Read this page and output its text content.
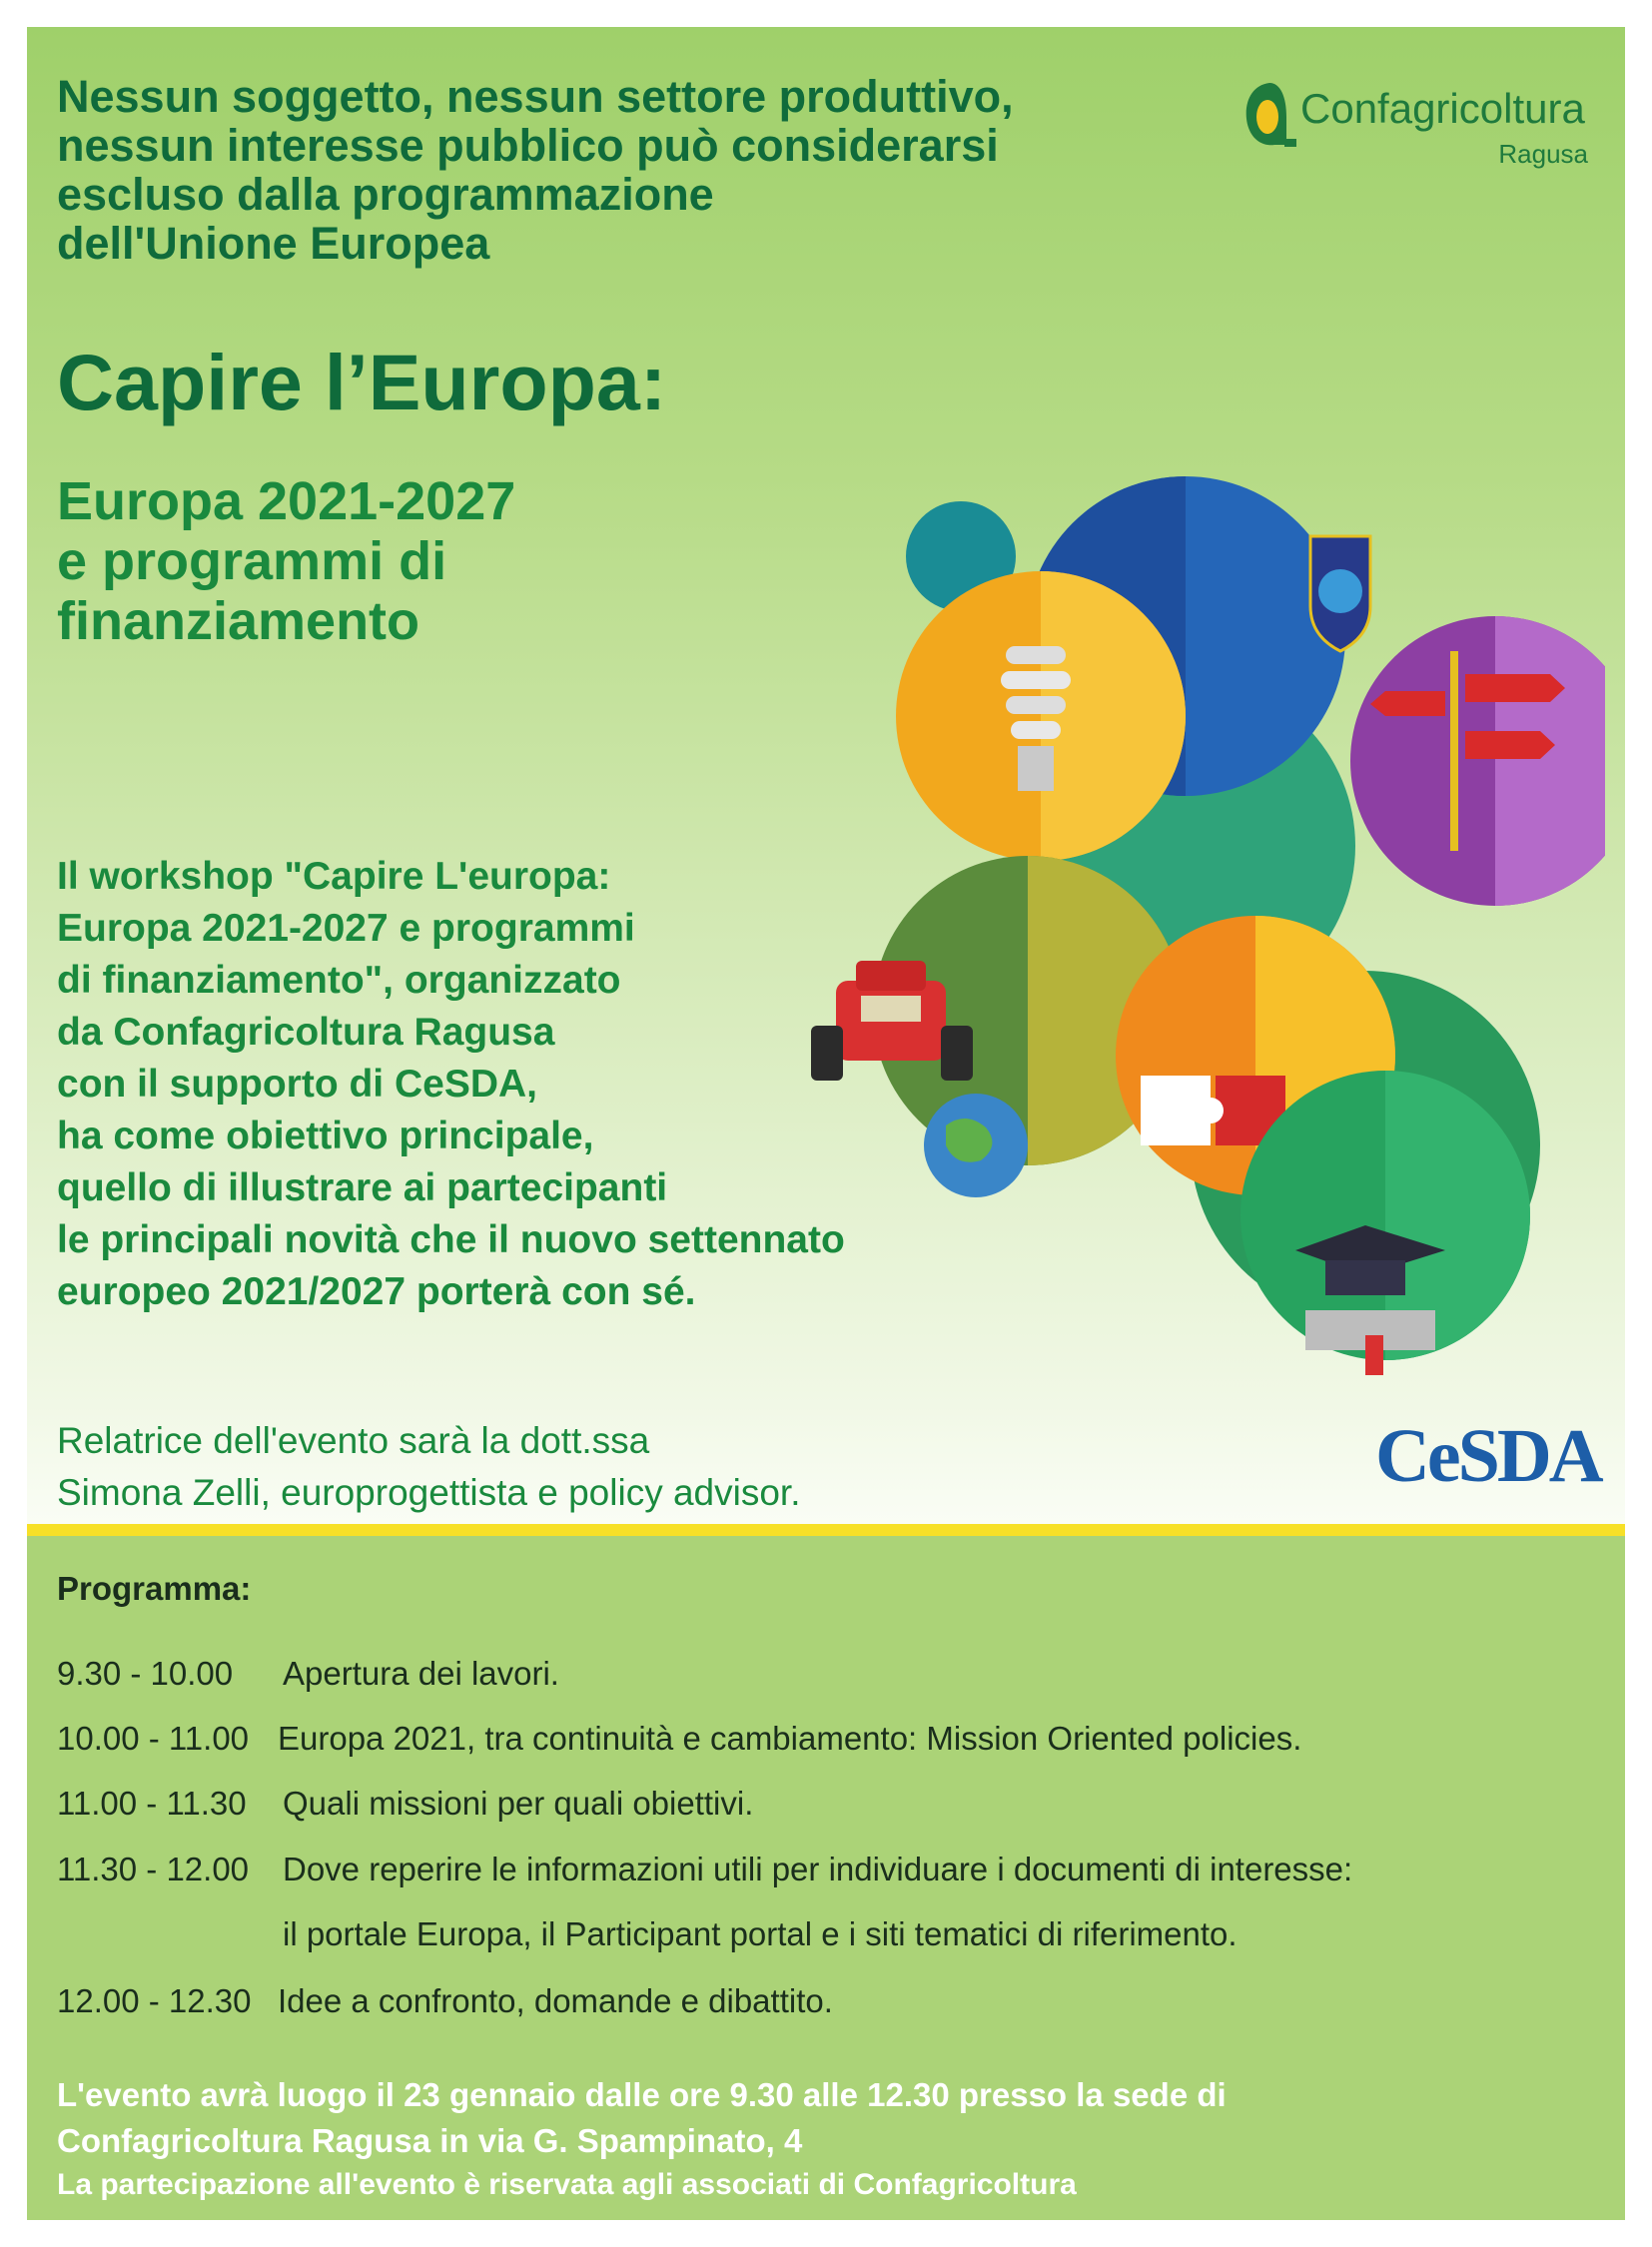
Nessun soggetto, nessun settore produttivo,
nessun interesse pubblico può considerarsi
escluso dalla programmazione
dell'Unione Europea
Confagricoltura
Ragusa
Capire l’Europa:
Europa 2021-2027
e programmi di
finanziamento
Il workshop "Capire L'europa:
Europa 2021-2027 e programmi
di finanziamento", organizzato
da Confagricoltura Ragusa
con il supporto di CeSDA,
ha come obiettivo principale,
quello di illustrare ai partecipanti
le principali novità che il nuovo settennato
europeo 2021/2027 porterà con sé.
Relatrice dell'evento sarà la dott.ssa
Simona Zelli, europrogettista e policy advisor.	CeSDA
Programma:
9.30 - 10.00 Apertura dei lavori.
10.00 - 11.00 Europa 2021, tra continuità e cambiamento: Mission Oriented policies.
11.00 - 11.30 Quali missioni per quali obiettivi.
11.30 - 12.00 Dove reperire le informazioni utili per individuare i documenti di interesse:
il portale Europa, il Participant portal e i siti tematici di riferimento.
12.00 - 12.30 Idee a confronto, domande e dibattito.
L'evento avrà luogo il 23 gennaio dalle ore 9.30 alle 12.30 presso la sede di
Confagricoltura Ragusa in via G. Spampinato, 4
La partecipazione all'evento è riservata agli associati di Confagricoltura
